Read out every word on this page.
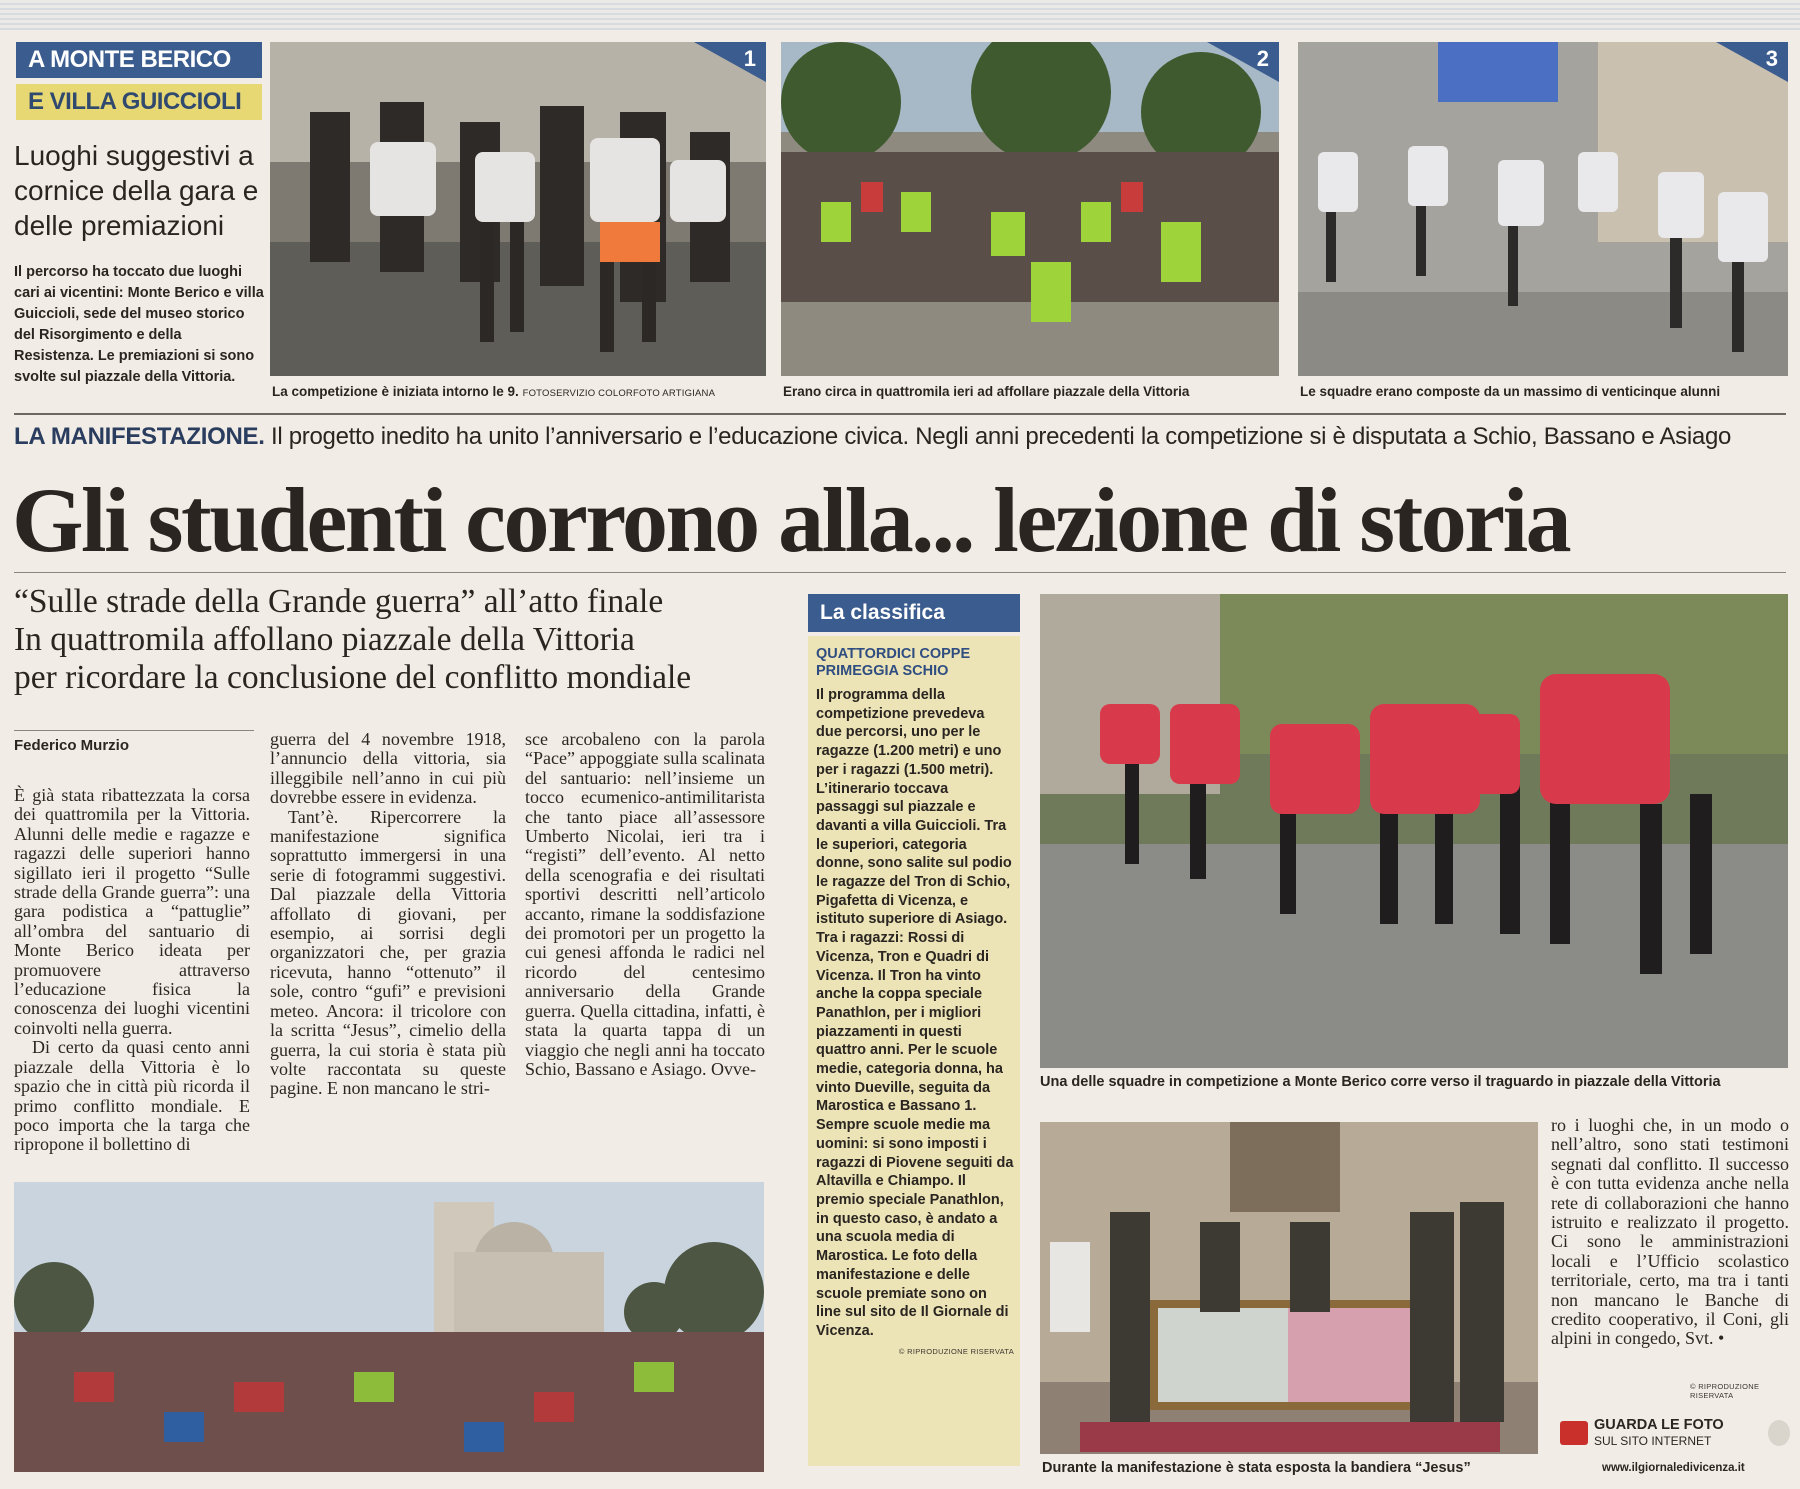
A MONTE BERICO
E VILLA GUICCIOLI
Luoghi suggestivi a cornice della gara e delle premiazioni
Il percorso ha toccato due luoghi cari ai vicentini: Monte Berico e villa Guiccioli, sede del museo storico del Risorgimento e della Resistenza. Le premiazioni si sono svolte sul piazzale della Vittoria.
1
La competizione è iniziata intorno le 9. FOTOSERVIZIO COLORFOTO ARTIGIANA
2
Erano circa in quattromila ieri ad affollare piazzale della Vittoria
3
Le squadre erano composte da un massimo di venticinque alunni
LA MANIFESTAZIONE. Il progetto inedito ha unito l’anniversario e l’educazione civica. Negli anni precedenti la competizione si è disputata a Schio, Bassano e Asiago
Gli studenti corrono alla... lezione di storia
“Sulle strade della Grande guerra” all’atto finale
In quattromila affollano piazzale della Vittoria
per ricordare la conclusione del conflitto mondiale
Federico Murzio

È già stata ribattezzata la corsa dei quattromila per la Vittoria. Alunni delle medie e ragazze e ragazzi delle superiori hanno sigillato ieri il progetto “Sulle strade della Grande guerra”: una gara podistica a “pattuglie” all’ombra del santuario di Monte Berico ideata per promuovere attraverso l’educazione fisica la conoscenza dei luoghi vicentini coinvolti nella guerra.

Di certo da quasi cento anni piazzale della Vittoria è lo spazio che in città più ricorda il primo conflitto mondiale. E poco importa che la targa che ripropone il bollettino di

guerra del 4 novembre 1918, l’annuncio della vittoria, sia illeggibile nell’anno in cui più dovrebbe essere in evidenza.

Tant’è. Ripercorrere la manifestazione significa soprattutto immergersi in una serie di fotogrammi suggestivi. Dal piazzale della Vittoria affollato di giovani, per esempio, ai sorrisi degli organizzatori che, per grazia ricevuta, hanno “ottenuto” il sole, contro “gufi” e previsioni meteo. Ancora: il tricolore con la scritta “Jesus”, cimelio della guerra, la cui storia è stata più volte raccontata su queste pagine. E non mancano le stri-

sce arcobaleno con la parola “Pace” appoggiate sulla scalinata del santuario: nell’insieme un tocco ecumenico-antimilitarista che tanto piace all’assessore Umberto Nicolai, ieri tra i “registi” dell’evento. Al netto della scenografia e dei risultati sportivi descritti nell’articolo accanto, rimane la soddisfazione dei promotori per un progetto la cui genesi affonda le radici nel ricordo del centesimo anniversario della Grande guerra. Quella cittadina, infatti, è stata la quarta tappa di un viaggio che negli anni ha toccato Schio, Bassano e Asiago. Ovve-

La classifica
QUATTORDICI COPPE PRIMEGGIA SCHIO
Il programma della competizione prevedeva due percorsi, uno per le ragazze (1.200 metri) e uno per i ragazzi (1.500 metri). L’itinerario toccava passaggi sul piazzale e davanti a villa Guiccioli. Tra le superiori, categoria donne, sono salite sul podio le ragazze del Tron di Schio, Pigafetta di Vicenza, e istituto superiore di Asiago. Tra i ragazzi: Rossi di Vicenza, Tron e Quadri di Vicenza. Il Tron ha vinto anche la coppa speciale Panathlon, per i migliori piazzamenti in questi quattro anni. Per le scuole medie, categoria donna, ha vinto Dueville, seguita da Marostica e Bassano 1. Sempre scuole medie ma uomini: si sono imposti i ragazzi di Piovene seguiti da Altavilla e Chiampo. Il premio speciale Panathlon, in questo caso, è andato a una scuola media di Marostica. Le foto della manifestazione e delle scuole premiate sono on line sul sito de Il Giornale di Vicenza.
© RIPRODUZIONE RISERVATA
Una delle squadre in competizione a Monte Berico corre verso il traguardo in piazzale della Vittoria
Durante la manifestazione è stata esposta la bandiera “Jesus”

ro i luoghi che, in un modo o nell’altro, sono stati testimoni segnati dal conflitto. Il successo è con tutta evidenza anche nella rete di collaborazioni che hanno istruito e realizzato il progetto. Ci sono le amministrazioni locali e l’Ufficio scolastico territoriale, certo, ma tra i tanti non mancano le Banche di credito cooperativo, il Coni, gli alpini in congedo, Svt. •

© RIPRODUZIONE RISERVATA
GUARDA LE FOTO
SUL SITO INTERNET
www.ilgiornaledivicenza.it
